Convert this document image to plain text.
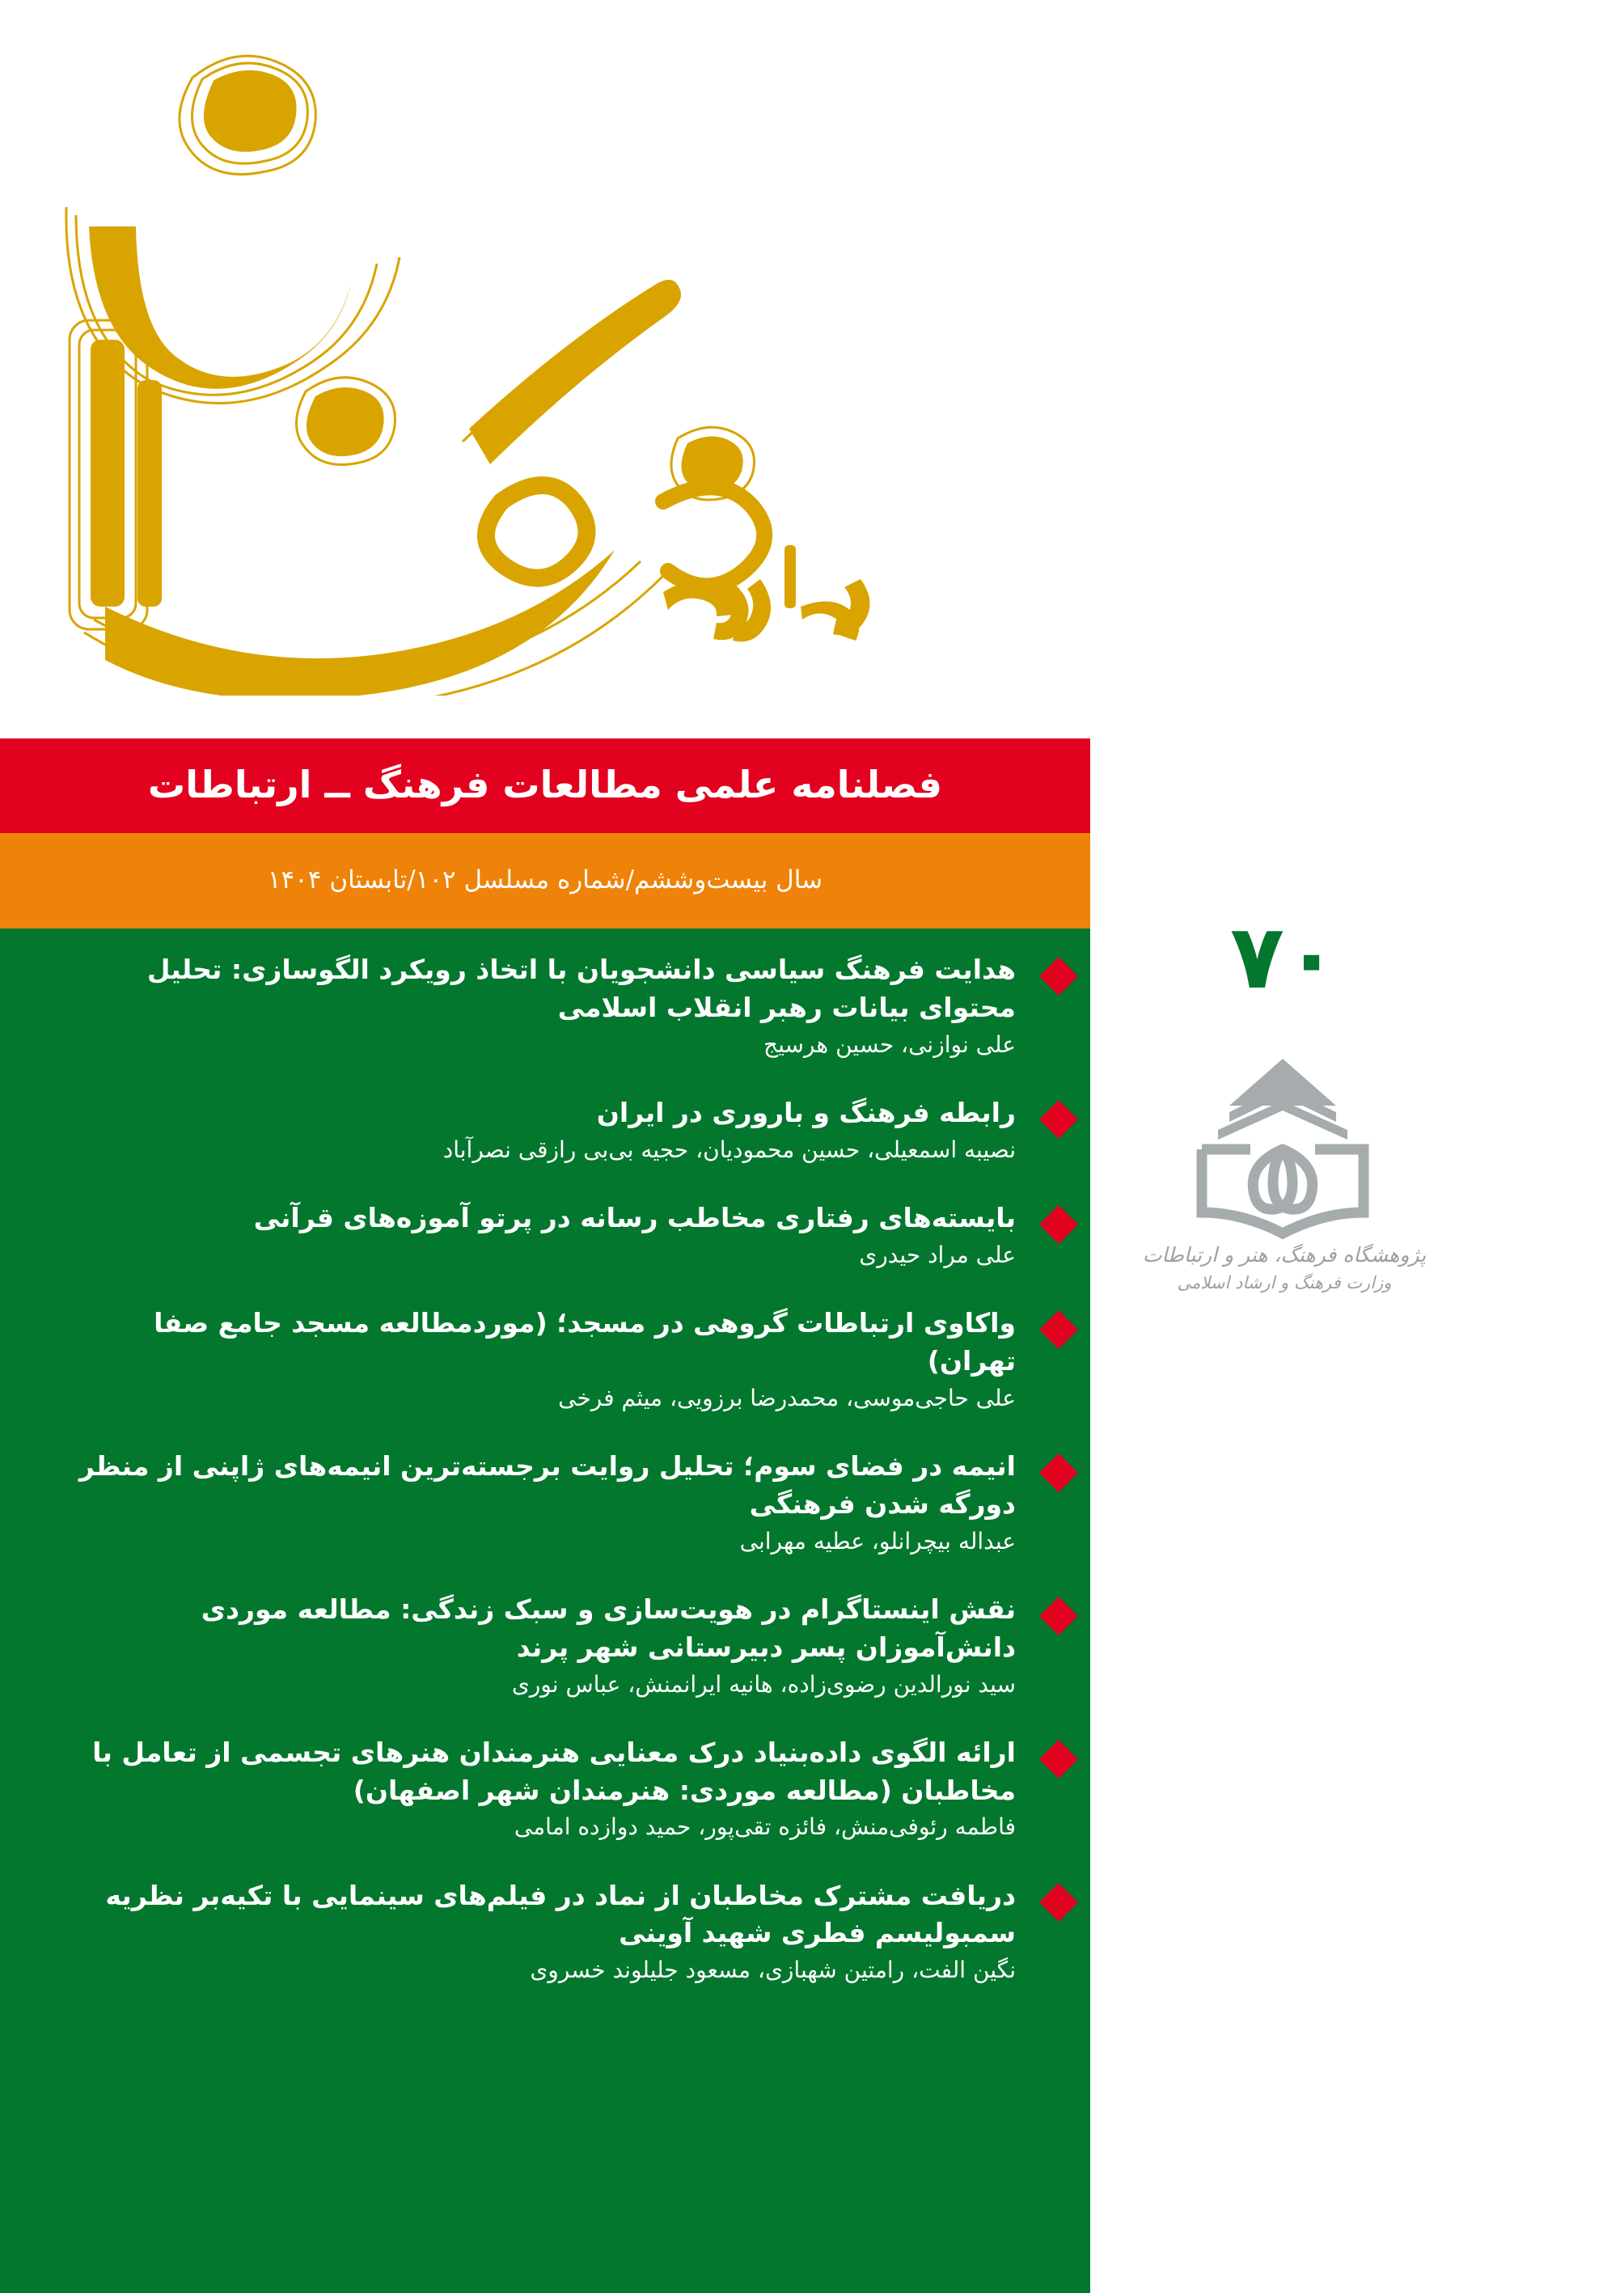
فصلنامه علمی مطالعات فرهنگ ــ ارتباطات
سال بیست‌وششم/شماره مسلسل ۱۰۲/تابستان ۱۴۰۴

هدایت فرهنگ سیاسی دانشجویان با اتخاذ رویکرد الگوسازی: تحلیل محتوای بیانات رهبر انقلاب اسلامی

علی نوازنی، حسین هرسیج

رابطه فرهنگ و باروری در ایران

نصیبه اسمعیلی، حسین محمودیان، حجیه بی‌بی رازقی نصرآباد

بایسته‌های رفتاری مخاطب رسانه در پرتو آموزه‌های قرآنی

علی مراد حیدری

واکاوی ارتباطات گروهی در مسجد؛ (موردمطالعه مسجد جامع صفا تهران)

علی حاجی‌موسی، محمدرضا برزویی، میثم فرخی

انیمه در فضای سوم؛ تحلیل روایت برجسته‌ترین انیمه‌های ژاپنی از منظر دورگه شدن فرهنگی

عبداله بیچرانلو، عطیه مهرابی

نقش اینستاگرام در هویت‌سازی و سبک زندگی: مطالعه موردی دانش‌آموزان پسر دبیرستانی شهر پرند

سید نورالدین رضوی‌زاده، هانیه ایرانمنش، عباس نوری

ارائه الگوی داده‌بنیاد درک معنایی هنرمندان هنرهای تجسمی از تعامل با مخاطبان (مطالعه موردی: هنرمندان شهر اصفهان)

فاطمه رئوفی‌منش، فائزه تقی‌پور، حمید دوازده امامی

دریافت مشترک مخاطبان از نماد در فیلم‌های سینمایی با تکیه‌بر نظریه سمبولیسم فطری شهید آوینی

نگین الفت، رامتین شهبازی، مسعود جلیلوند خسروی

۷۰
پژوهشگاه فرهنگ، هنر و ارتباطات
وزارت فرهنگ و ارشاد اسلامی
